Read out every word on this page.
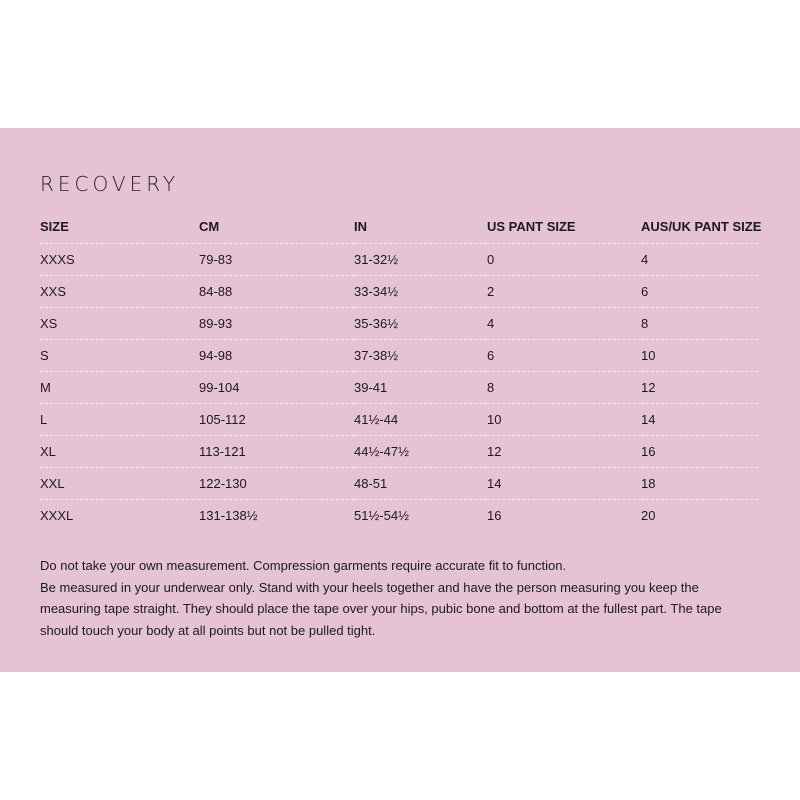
RECOVERY
SIZE	CM	IN	US PANT SIZE	AUS/UK PANT SIZE
XXXS	79-83	31-32½	0	4
XXS	84-88	33-34½	2	6
XS	89-93	35-36½	4	8
S	94-98	37-38½	6	10
M	99-104	39-41	8	12
L	105-112	41½-44	10	14
XL	113-121	44½-47½	12	16
XXL	122-130	48-51	14	18
XXXL	131-138½	51½-54½	16	20

Do not take your own measurement. Compression garments require accurate fit to function.

Be measured in your underwear only. Stand with your heels together and have the person measuring you keep the measuring tape straight. They should place the tape over your hips, pubic bone and bottom at the fullest part. The tape should touch your body at all points but not be pulled tight.
